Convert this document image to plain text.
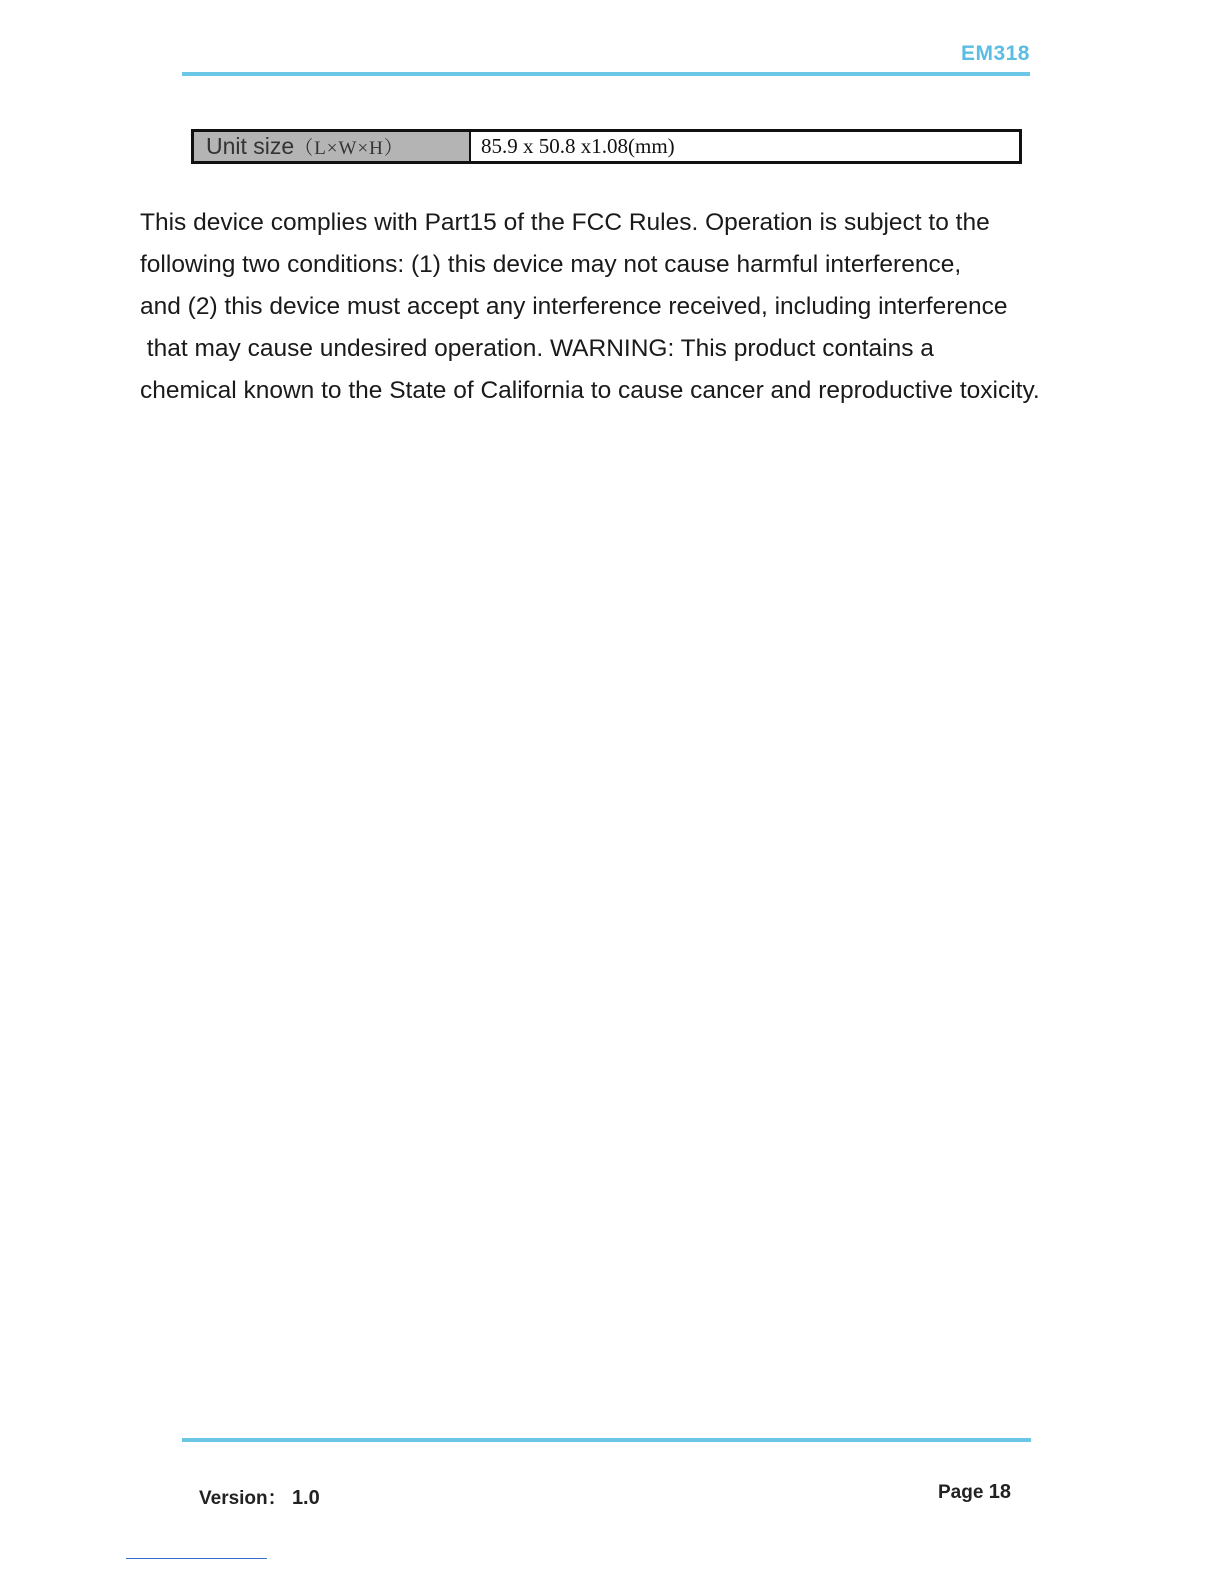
EM318
Unit size （L×W×H）	85.9 x 50.8 x1.08(mm)
This device complies with Part15 of the FCC Rules. Operation is subject to the
following two conditions: (1) this device may not cause harmful interference,
and (2) this device must accept any interference received, including interference
that may cause undesired operation. WARNING: This product contains a
chemical known to the State of California to cause cancer and reproductive toxicity.
Version： 1.0	Page 18
